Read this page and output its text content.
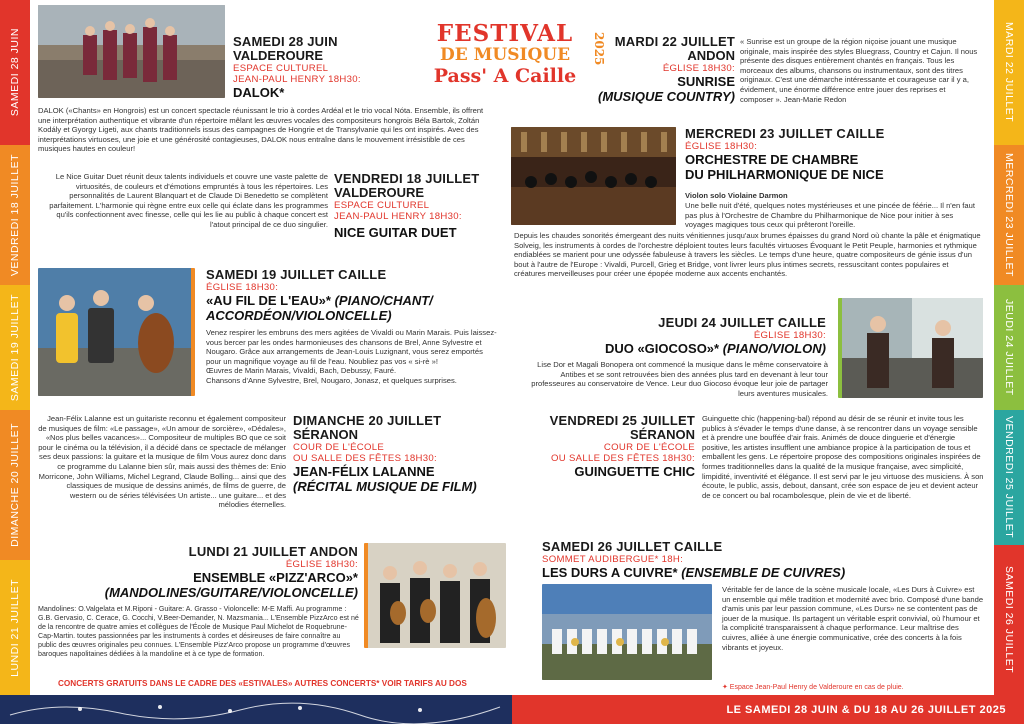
SAMEDI 28 JUIN
VENDREDI 18 JUILLET
SAMEDI 19 JUILLET
DIMANCHE 20 JUILLET
LUNDI 21 JUILLET
MARDI 22 JUILLET
MERCREDI 23 JUILLET
JEUDI 24 JUILLET
VENDREDI 25 JUILLET
SAMEDI 26 JUILLET
FESTIVAL
DE MUSIQUE
Pass' A Caille
2025
SAMEDI 28 JUIN
VALDEROURE
ESPACE CULTUREL
JEAN-PAUL HENRY 18H30:
DALOK*
DALOK («Chants» en Hongrois) est un concert spectacle réunissant le trio à cordes Ardéal et le trio vocal Nóta. Ensemble, ils offrent une interprétation authentique et vibrante d'un répertoire mêlant les œuvres vocales des compositeurs hongrois Béla Bartok, Zoltán Kodály et Gyorgy Ligeti, aux chants traditionnels issus des campagnes de Hongrie et de Transylvanie qui les ont inspirés. Avec des interprétations virtuoses, une joie et une générosité contagieuses, DALOK nous entraîne dans le mouvement irrésistible de ces musiques hautes en couleur!
Le Nice Guitar Duet réunit deux talents individuels et couvre une vaste palette de virtuosités, de couleurs et d'émotions empruntés à tous les répertoires. Les personnalités de Laurent Blanquart et de Claude Di Benedetto se complètent parfaitement. L'harmonie qui règne entre eux celle qui éclate dans les programmes qu'ils confectionnent avec finesse, celle qui les lie au public à chaque concert est l'atout principal de ce duo singulier.
VENDREDI 18 JUILLET
VALDEROURE
ESPACE CULTUREL
JEAN-PAUL HENRY 18H30:
NICE GUITAR DUET
SAMEDI 19 JUILLET CAILLE
ÉGLISE 18H30:
«AU FIL DE L'EAU»* (PIANO/CHANT/
ACCORDÉON/VIOLONCELLE)
Venez respirer les embruns des mers agitées de Vivaldi ou Marin Marais. Puis laissez-vous bercer par les ondes harmonieuses des chansons de Brel, Anne Sylvestre et Nougaro. Grâce aux arrangements de Jean-Louis Luzignant, vous serez emportés pour un magnifique voyage au fil de l'eau. Noubliez pas vos « si-rè »!
Œuvres de Marin Marais, Vivaldi, Bach, Debussy, Fauré.
Chansons d'Anne Sylvestre, Brel, Nougaro, Jonasz, et quelques surprises.
Jean-Félix Lalanne est un guitariste reconnu et également compositeur de musiques de film: «Le passage», «Un amour de sorcière», «Dédales», «Nos plus belles vacances»... Compositeur de multiples BO que ce soit pour le cinéma ou la télévision, il a décidé dans ce spectacle de mélanger ses deux passions: la guitare et la musique de film Vous aurez donc dans ce programme du Lalanne bien sûr, mais aussi des thèmes de: Enio Morricone, John Williams, Michel Legrand, Claude Bolling... ainsi que des classiques de musique de dessins animés, de films de guerre, de western ou de séries télévisées Un artiste... une guitare... et des mélodies éternelles.
DIMANCHE 20 JUILLET
SÉRANON
COUR DE L'ÉCOLE
OU SALLE DES FÊTES 18H30:
JEAN-FÉLIX LALANNE
(RÉCITAL MUSIQUE DE FILM)
LUNDI 21 JUILLET ANDON
ÉGLISE 18H30:
ENSEMBLE «PIZZ'ARCO»*
(MANDOLINES/GUITARE/VIOLONCELLE)
Mandolines: O.Valgelata et M.Riponi - Guitare: A. Grasso - Violoncelle: M-E Maffi. Au programme : G.B. Gervasio, C. Cerace, G. Cocchi, V.Beer-Demander, N. Mazsmania... L'Ensemble PizzArco est né de la rencontre de quatre amies et collègues de l'École de Musique Paul Michelot de Roquebrune-Cap-Martin. toutes passionnées par les instruments à cordes et désireuses de faire connaître au public des œuvres originales peu connues. L'Ensemble Pizz'Arco propose un programme d'œuvres baroques napolitaines dédiées à la mandoline et à ce type de formation.
CONCERTS GRATUITS DANS LE CADRE DES «ESTIVALES» AUTRES CONCERTS* VOIR TARIFS AU DOS
MARDI 22 JUILLET
ANDON
ÉGLISE 18H30:
SUNRISE
(MUSIQUE COUNTRY)
« Sunrise est un groupe de la région niçoise jouant une musique originale, mais inspirée des styles Bluegrass, Country et Cajun. Il nous présente des disques entièrement chantés en français. Tous les morceaux des albums, chansons ou instrumentaux, sont des titres originaux. C'est une démarche intéressante et courageuse car il y a, évidement, une énorme différence entre jouer des reprises et composer ». Jean-Marie Redon
MERCREDI 23 JUILLET CAILLE
ÉGLISE 18H30:
ORCHESTRE DE CHAMBRE
DU PHILHARMONIQUE DE NICE
Violon solo Violaine Darmon
Une belle nuit d'été, quelques notes mystérieuses et une pincée de féérie... Il n'en faut pas plus à l'Orchestre de Chambre du Philharmonique de Nice pour initier à ses voyages magiques tous ceux qui prêteront l'oreille.
Depuis les chaudes sonorités émergeant des nuits vénitiennes jusqu'aux brumes épaisses du grand Nord où chante la pâle et énigmatique Solveig, les instruments à cordes de l'orchestre déploient toutes leurs facultés virtuoses Évoquant le Petit Peuple, harmonies et rythmique endiablées se marient pour une odyssée fabuleuse à travers les siècles. Le temps d'une heure, quatre compositeurs de génie issus d'un bout à l'autre de l'Europe : Vivaldi, Purcell, Grieg et Bridge, vont livrer leurs plus intimes secrets, ressuscitant contes populaires et créatures merveilleuses pour créer une épopée moderne aux accents enchantés.
JEUDI 24 JUILLET CAILLE
ÉGLISE 18H30:
DUO «GIOCOSO»* (PIANO/VIOLON)
Lise Dor et Magali Bonopera ont commencé la musique dans le même conservatoire à Antibes et se sont retrouvées bien des années plus tard en devenant à leur tour professeures au conservatoire de Vence. Leur duo Giocoso évoque leur joie de partager leurs aventures musicales.
VENDREDI 25 JUILLET
SÉRANON
COUR DE L'ÉCOLE
OU SALLE DES FÊTES 18H30:
GUINGUETTE CHIC
Guinguette chic (happening-bal) répond au désir de se réunir et invite tous les publics à s'évader le temps d'une danse, à se rencontrer dans un voyage sensible et à prendre une bouffée d'air frais. Animés de douce dinguerie et d'énergie positive, les artistes insufflent une ambiance propice à la participation de tous et emballent les gens. Le répertoire propose des compositions originales inspirées de formes traditionnelles dans la qualité de la musique française, avec simplicité, limpidité, inventivité et élégance. Il est servi par le jeu virtuose des musiciens. À son écoute, le public, assis, debout, dansant, crée son espace de jeu et devient acteur de ce concert ou bal rocambolesque, plein de vie et de liberté.
SAMEDI 26 JUILLET CAILLE
SOMMET AUDIBERGUE* 18H:
LES DURS A CUIVRE* (ENSEMBLE DE CUIVRES)
Véritable fer de lance de la scène musicale locale, «Les Durs à Cuivre» est un ensemble qui mêle tradition et modernité avec brio. Composé d'une bande d'amis unis par leur passion commune, «Les Durs» ne se contentent pas de jouer de la musique. Ils partagent un véritable esprit convivial, où l'humour et la complicité transparaissent à chaque performance. Leur maîtrise des cuivres, alliée à une énergie communicative, crée des concerts à la fois vibrants et joyeux.
✦ Espace Jean-Paul Henry de Valderoure en cas de pluie.
LE SAMEDI 28 JUIN & DU 18 AU 26 JUILLET 2025
